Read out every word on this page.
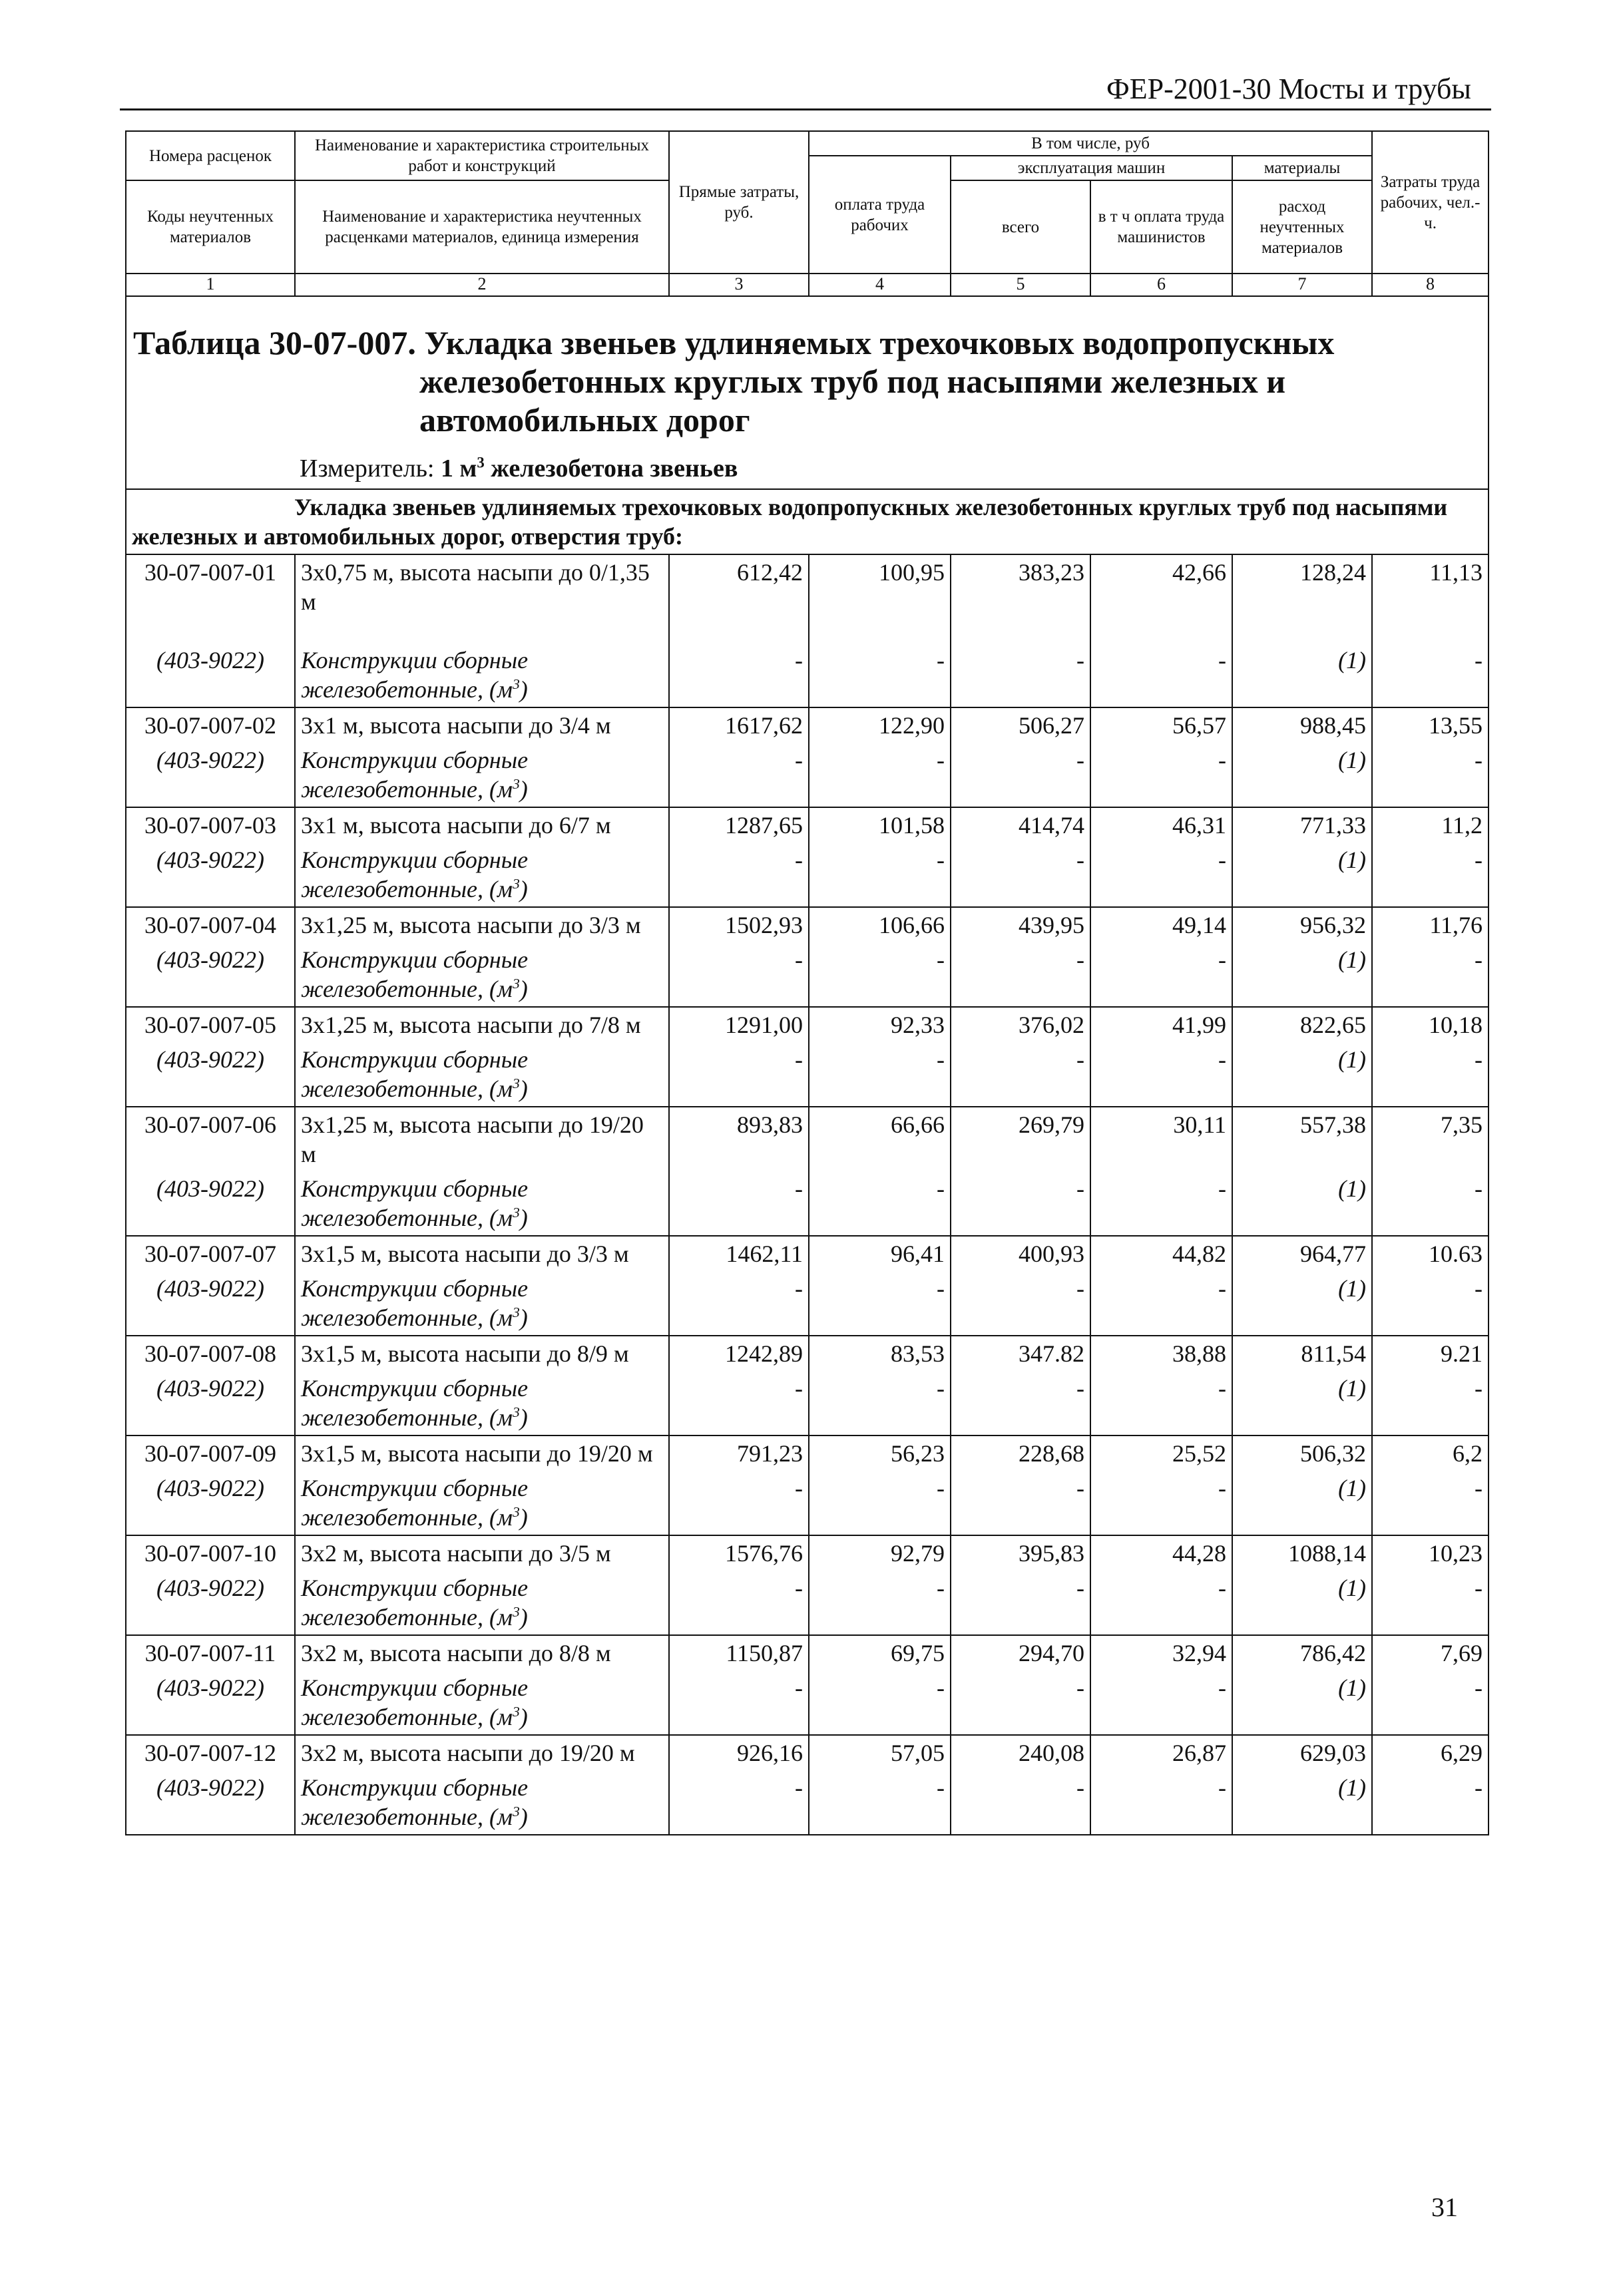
ФЕР-2001-30 Мосты и трубы
Номера расценок	Наименование и характеристика строительных работ и конструкций	Прямые затраты, руб.	В том числе, руб				Затраты труда рабочих, чел.-ч.
			оплата труда рабочих	эксплуатация машин		материалы	
Коды неучтенных материалов	Наименование и характеристика неучтенных расценками материалов, единица измерения			всего	в т ч оплата труда машинистов	расход неучтенных материалов	

1	2	3	4	5	6	7	8

Таблица 30-07-007. Укладка звеньев удлиняемых трехочковых водопропускных
железобетонных круглых труб под насыпями железных и
автомобильных дорог
Измеритель: 1 $м^3$ железобетона звеньев							

Укладка звеньев удлиняемых трехочковых водопропускных железобетонных круглых труб под насыпями железных и автомобильных дорог, отверстия труб:							
30-07-007-01	3х0,75 м, высота насыпи до 0/1,35 м	612,42	100,95	383,23	42,66	128,24	11,13
(403-9022)	Конструкции сборные железобетонные, $(м^3)$	-	-	-	-	(1)	-
30-07-007-02	3х1 м, высота насыпи до 3/4 м	1617,62	122,90	506,27	56,57	988,45	13,55
(403-9022)	Конструкции сборные железобетонные, $(м^3)$	-	-	-	-	(1)	-
30-07-007-03	3х1 м, высота насыпи до 6/7 м	1287,65	101,58	414,74	46,31	771,33	11,2
(403-9022)	Конструкции сборные железобетонные, $(м^3)$	-	-	-	-	(1)	-
30-07-007-04	3х1,25 м, высота насыпи до 3/3 м	1502,93	106,66	439,95	49,14	956,32	11,76
(403-9022)	Конструкции сборные железобетонные, $(м^3)$	-	-	-	-	(1)	-
30-07-007-05	3х1,25 м, высота насыпи до 7/8 м	1291,00	92,33	376,02	41,99	822,65	10,18
(403-9022)	Конструкции сборные железобетонные, $(м^3)$	-	-	-	-	(1)	-
30-07-007-06	3х1,25 м, высота насыпи до 19/20 м	893,83	66,66	269,79	30,11	557,38	7,35
(403-9022)	Конструкции сборные железобетонные, $(м^3)$	-	-	-	-	(1)	-
30-07-007-07	3х1,5 м, высота насыпи до 3/3 м	1462,11	96,41	400,93	44,82	964,77	10.63
(403-9022)	Конструкции сборные железобетонные, $(м^3)$	-	-	-	-	(1)	-
30-07-007-08	3х1,5 м, высота насыпи до 8/9 м	1242,89	83,53	347.82	38,88	811,54	9.21
(403-9022)	Конструкции сборные железобетонные, $(м^3)$	-	-	-	-	(1)	-
30-07-007-09	3х1,5 м, высота насыпи до 19/20 м	791,23	56,23	228,68	25,52	506,32	6,2
(403-9022)	Конструкции сборные железобетонные, $(м^3)$	-	-	-	-	(1)	-
30-07-007-10	3х2 м, высота насыпи до 3/5 м	1576,76	92,79	395,83	44,28	1088,14	10,23
(403-9022)	Конструкции сборные железобетонные, $(м^3)$	-	-	-	-	(1)	-
30-07-007-11	3х2 м, высота насыпи до 8/8 м	1150,87	69,75	294,70	32,94	786,42	7,69
(403-9022)	Конструкции сборные железобетонные, $(м^3)$	-	-	-	-	(1)	-
30-07-007-12	3х2 м, высота насыпи до 19/20 м	926,16	57,05	240,08	26,87	629,03	6,29
(403-9022)	Конструкции сборные железобетонные, $(м^3)$	-	-	-	-	(1)	-
31
